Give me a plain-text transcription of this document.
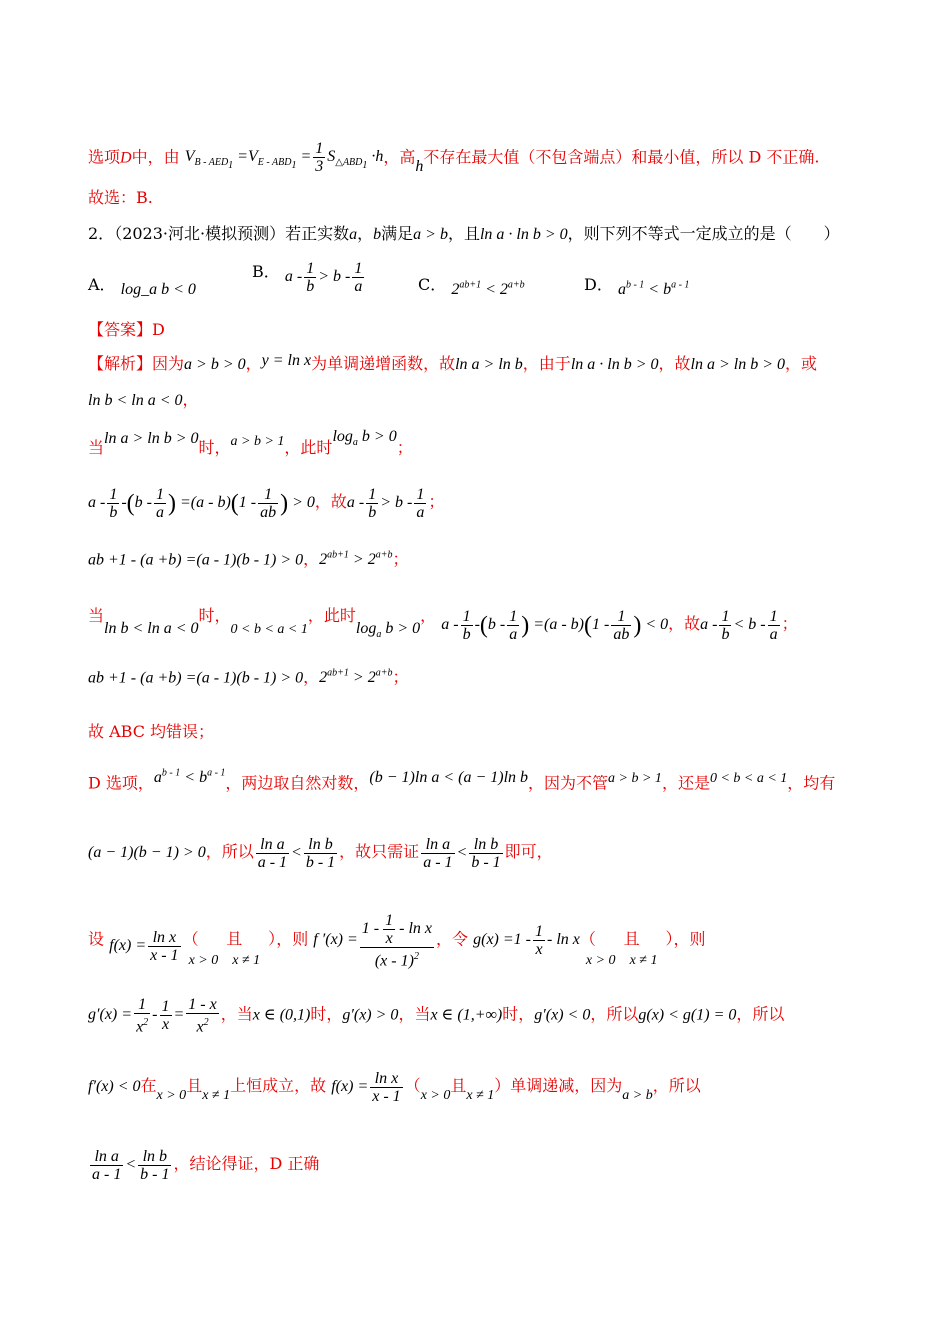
选项D中，由 $V_{B - AED_1} =V_{E - ABD_1} = \frac{1}{3} S_{\triangle ABD_1} \cdot h$，高h不存在最大值（不包含端点）和最小值，所以 D 不正确.
故选：B.
2．（2023·河北·模拟预测）若正实数a，b满足a > b，且ln a · ln b > 0，则下列不等式一定成立的是（　　）
A． log_a b < 0
B． $a - \frac{1}{b} > b - \frac{1}{a}$	C． $2^{ab+1} < 2^{a+b}$	D． $a^{b - 1} < b^{a - 1}$
【答案】D
【解析】因为a > b > 0，y = ln x为单调递增函数，故ln a > ln b，由于ln a · ln b > 0，故ln a > ln b > 0，或
ln b < ln a < 0，
当ln a > ln b > 0时，a > b > 1，此时$\log_a b > 0$；
a - $\frac{1}{b} -(b - \frac{1}{a}$ ) $=(a - b)(1 - \frac{1}{ab}$ ) > 0，故$a - \frac{1}{b} > b - \frac{1}{a}$ ；
ab +1 - (a +b) =(a - 1)(b - 1) > 0，$2^{ab+1} > 2^{a+b}$；
当ln b < ln a < 0时，0 < b < a < 1，此时$\log_a b > 0$， a - $\frac{1}{b} -(b - \frac{1}{a}$ ) $=(a - b)(1 - \frac{1}{ab}$ ) < 0，故$a - \frac{1}{b} < b - \frac{1}{a}$ ；
ab +1 - (a +b) =(a - 1)(b - 1) > 0，$2^{ab+1} > 2^{a+b}$；
故 ABC 均错误；
D 选项，$a^{b - 1} < b^{a - 1}$，两边取自然对数，(b − 1)ln a < (a − 1)ln b，因为不管a > b > 1，还是0 < b < a < 1，均有
(a − 1)(b − 1) > 0，所以 $\frac{\text{ln a}}{a - 1} < \frac{\text{ln b}}{b - 1}$ ，故只需证 $\frac{\text{ln a}}{a - 1} < \frac{\text{ln b}}{b - 1}$ 即可，
设 $f(x) = \frac{\text{ln x}}{x - 1} (x > 0$且x ≠ 1），则 f $'(x) = \frac{1 - \frac{1}{x} - \ln x}{(x - 1)^2}$ ，令 $g(x) =1 - \frac{1}{x} - \ln x(x > 0$且x ≠ 1），则
$g'(x) = \frac{1}{x^2} - \frac{1}{x} = \frac{1 - x}{x^2}$ ，当x ∈ (0,1)时，g′(x) > 0，当x ∈ (1,+∞)时，g′(x) < 0，所以g(x) < g(1) = 0，所以
f′(x) < 0在x > 0且x ≠ 1上恒成立，故 $f(x) = \frac{\text{ln x}}{x - 1} (x > 0$且x ≠ 1）单调递减，因为a > b，所以
$\frac{\text{ln a}}{a - 1} < \frac{\text{ln b}}{b - 1}$ ，结论得证，D 正确
